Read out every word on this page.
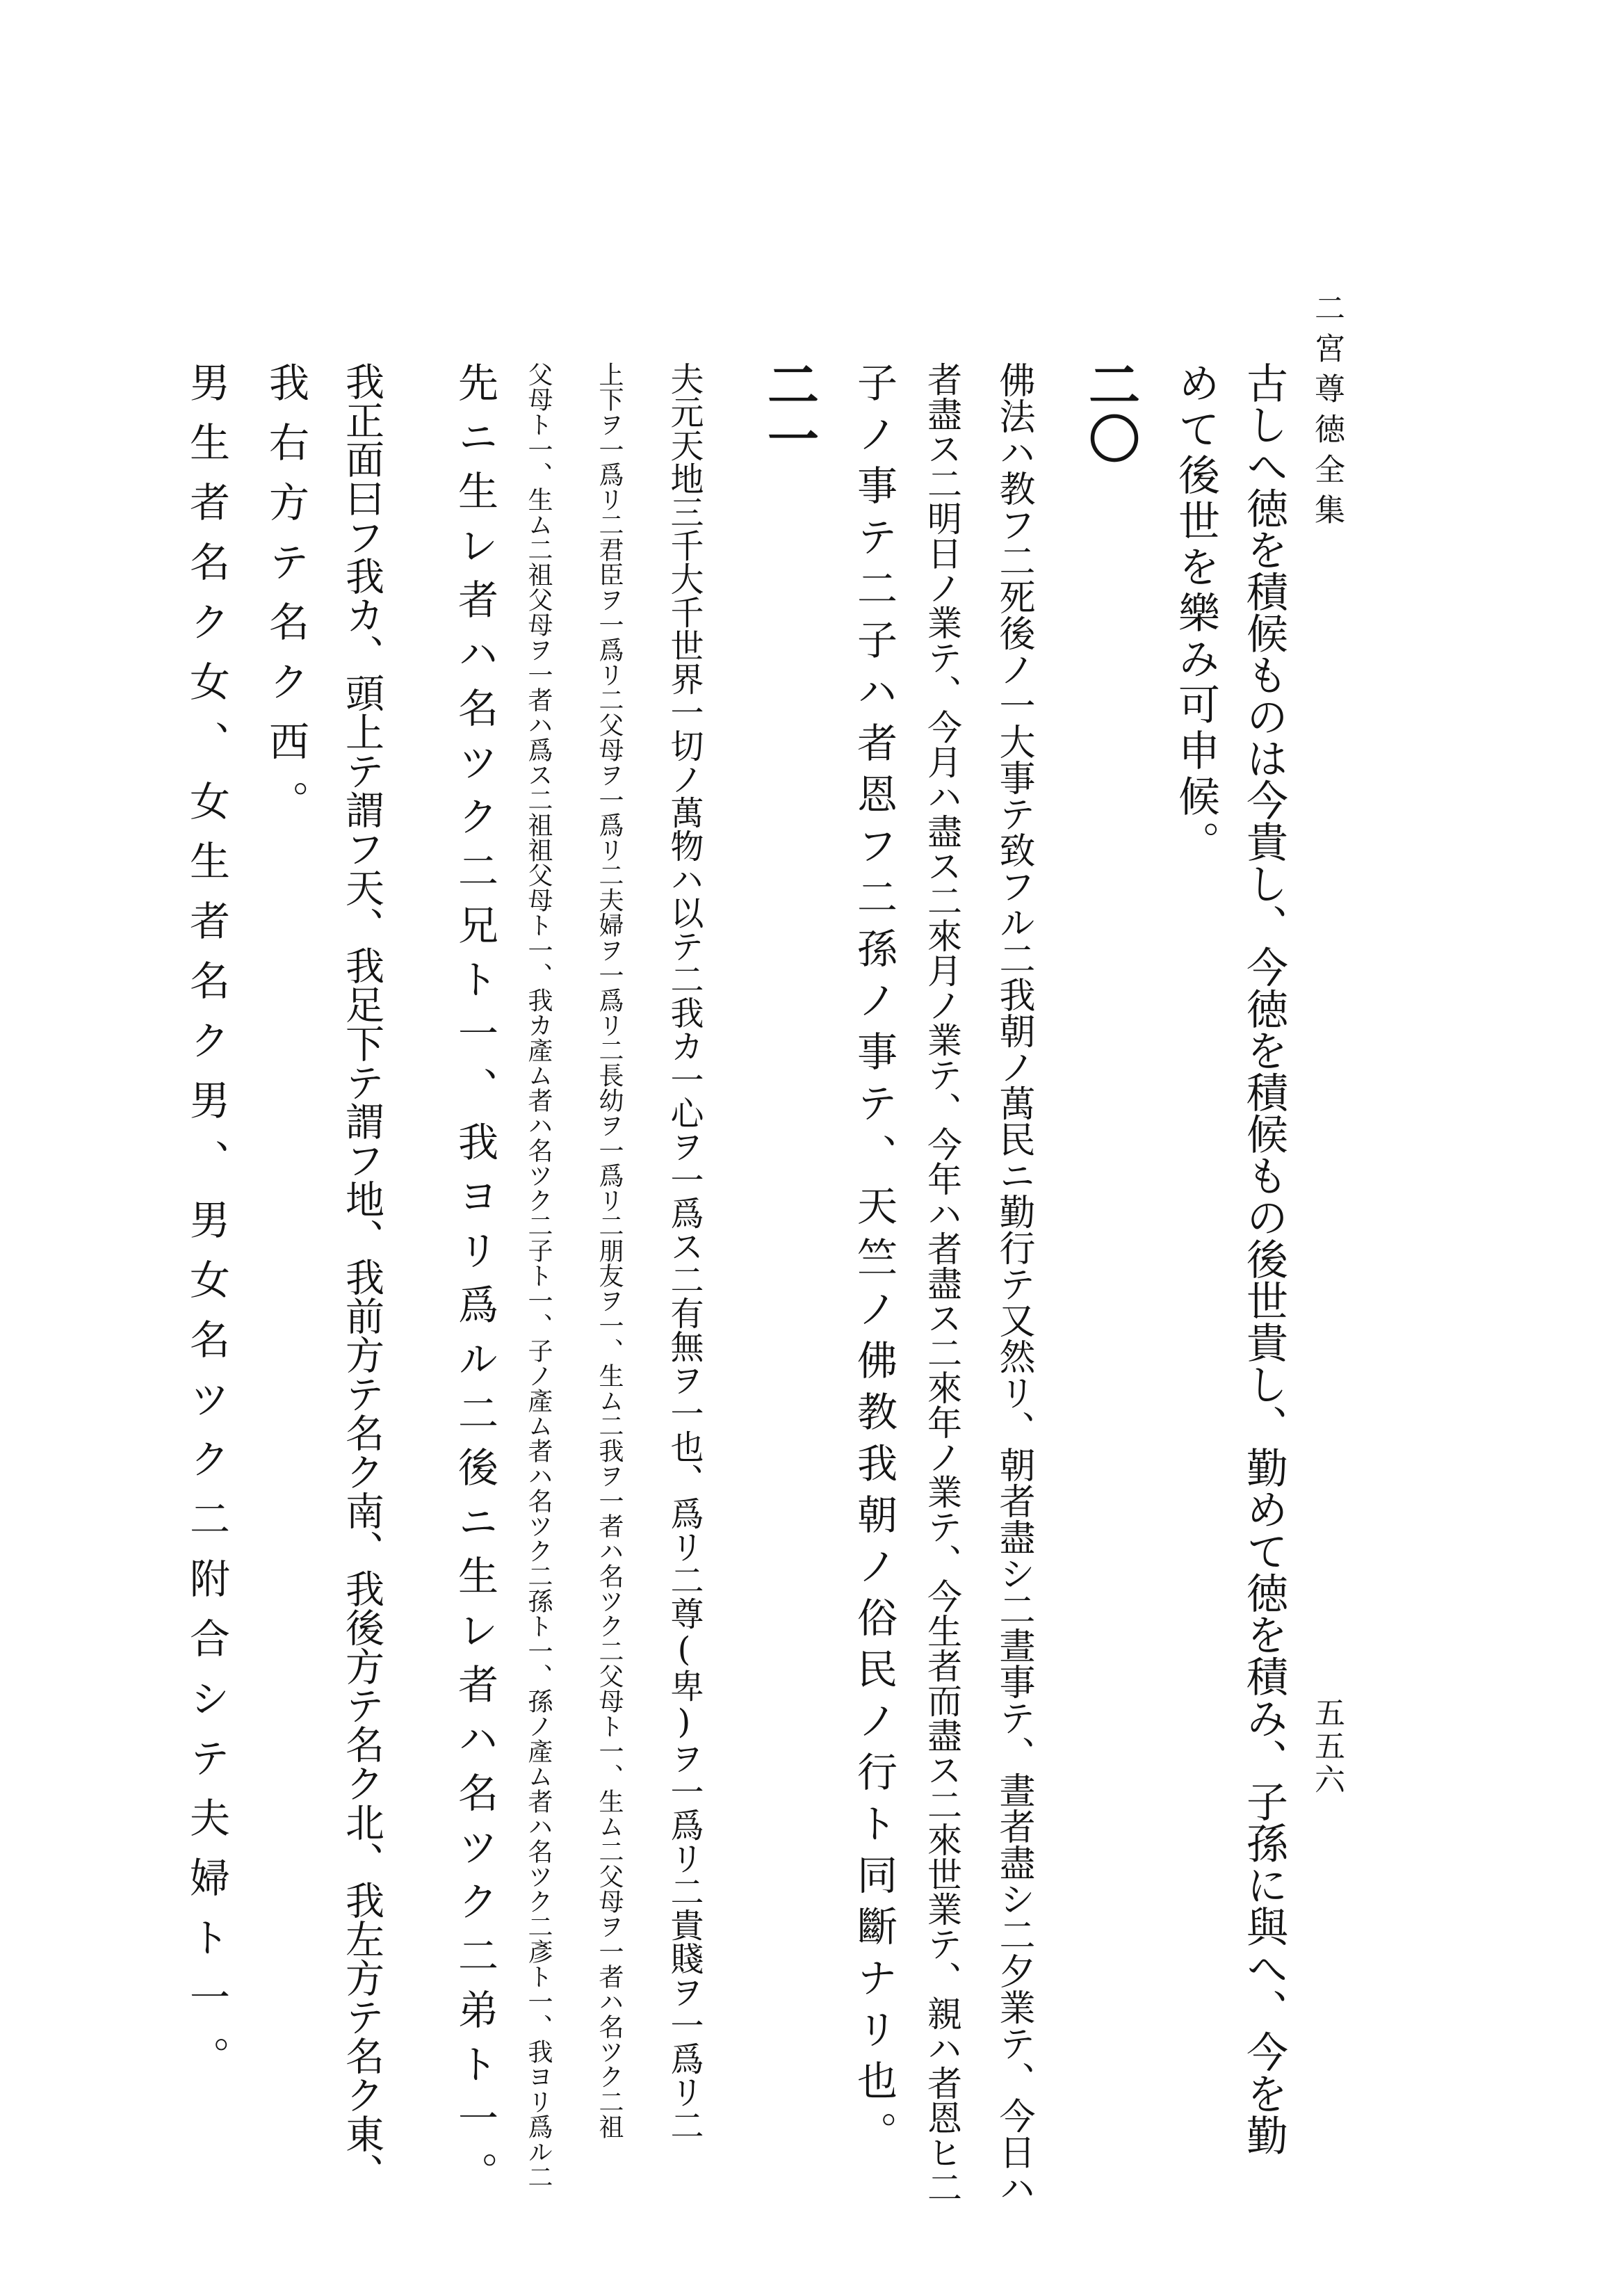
二宮尊徳全集
五五六
古しへ徳を積候ものは今貴し、今徳を積候もの後世貴し、勤めて徳を積み、子孫に與へ、今を勤
めて後世を樂み可申候。
二〇
佛法ハ教フ二死後ノ一大事テ致フル二我朝ノ萬民ニ勤行テ又然リ、朝者盡シ二晝事テ、晝者盡シ二夕業テ、今日ハ
者盡ス二明日ノ業テ、今月ハ盡ス二來月ノ業テ、今年ハ者盡ス二來年ノ業テ、今生者而盡ス二來世業テ、親ハ者恩ヒ二
子ノ事テ二子ハ者恩フ二孫ノ事テ、天竺ノ佛教我朝ノ俗民ノ行ト同斷ナリ也。
二一
夫元天地三千大千世界一切ノ萬物ハ以テ二我カ一心ヲ一爲ス二有無ヲ一也、爲リ二尊(卑)ヲ一爲リ二貴賤ヲ一爲リ二
上下ヲ一爲リ二君臣ヲ一爲リ二父母ヲ一爲リ二夫婦ヲ一爲リ二長幼ヲ一爲リ二朋友ヲ一、生ム二我ヲ一者ハ名ツク二父母ト一、生ム二父母ヲ一者ハ名ツク二祖
父母ト一、生ム二祖父母ヲ一者ハ爲ス二祖祖父母ト一、我カ產ム者ハ名ツク二子ト一、子ノ產ム者ハ名ツク二孫ト一、孫ノ產ム者ハ名ツク二彥ト一、我ヨリ爲ル二
先ニ生レ者ハ名ツク二兄ト一、我ヨリ爲ル二後ニ生レ者ハ名ツク二弟ト一。
我正面曰フ我カ、頭上テ謂フ天、我足下テ謂フ地、我前方テ名ク南、我後方テ名ク北、我左方テ名ク東、
我右方テ名ク西。
男生者名ク女、女生者名ク男、男女名ツク二附合シテ夫婦ト一。
